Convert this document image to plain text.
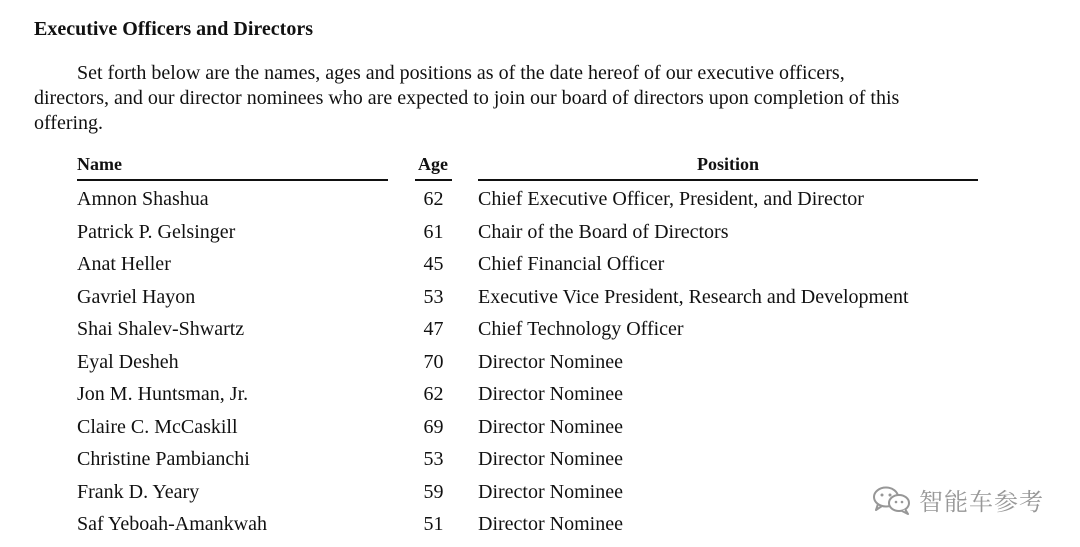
Executive Officers and Directors

Set forth below are the names, ages and positions as of the date hereof of our executive officers,
directors, and our director nominees who are expected to join our board of directors upon completion of this
offering.

Name	Age	Position
Amnon Shashua	62	Chief Executive Officer, President, and Director
Patrick P. Gelsinger	61	Chair of the Board of Directors
Anat Heller	45	Chief Financial Officer
Gavriel Hayon	53	Executive Vice President, Research and Development
Shai Shalev-Shwartz	47	Chief Technology Officer
Eyal Desheh	70	Director Nominee
Jon M. Huntsman, Jr.	62	Director Nominee
Claire C. McCaskill	69	Director Nominee
Christine Pambianchi	53	Director Nominee
Frank D. Yeary	59	Director Nominee
Saf Yeboah-Amankwah	51	Director Nominee
智能车参考
